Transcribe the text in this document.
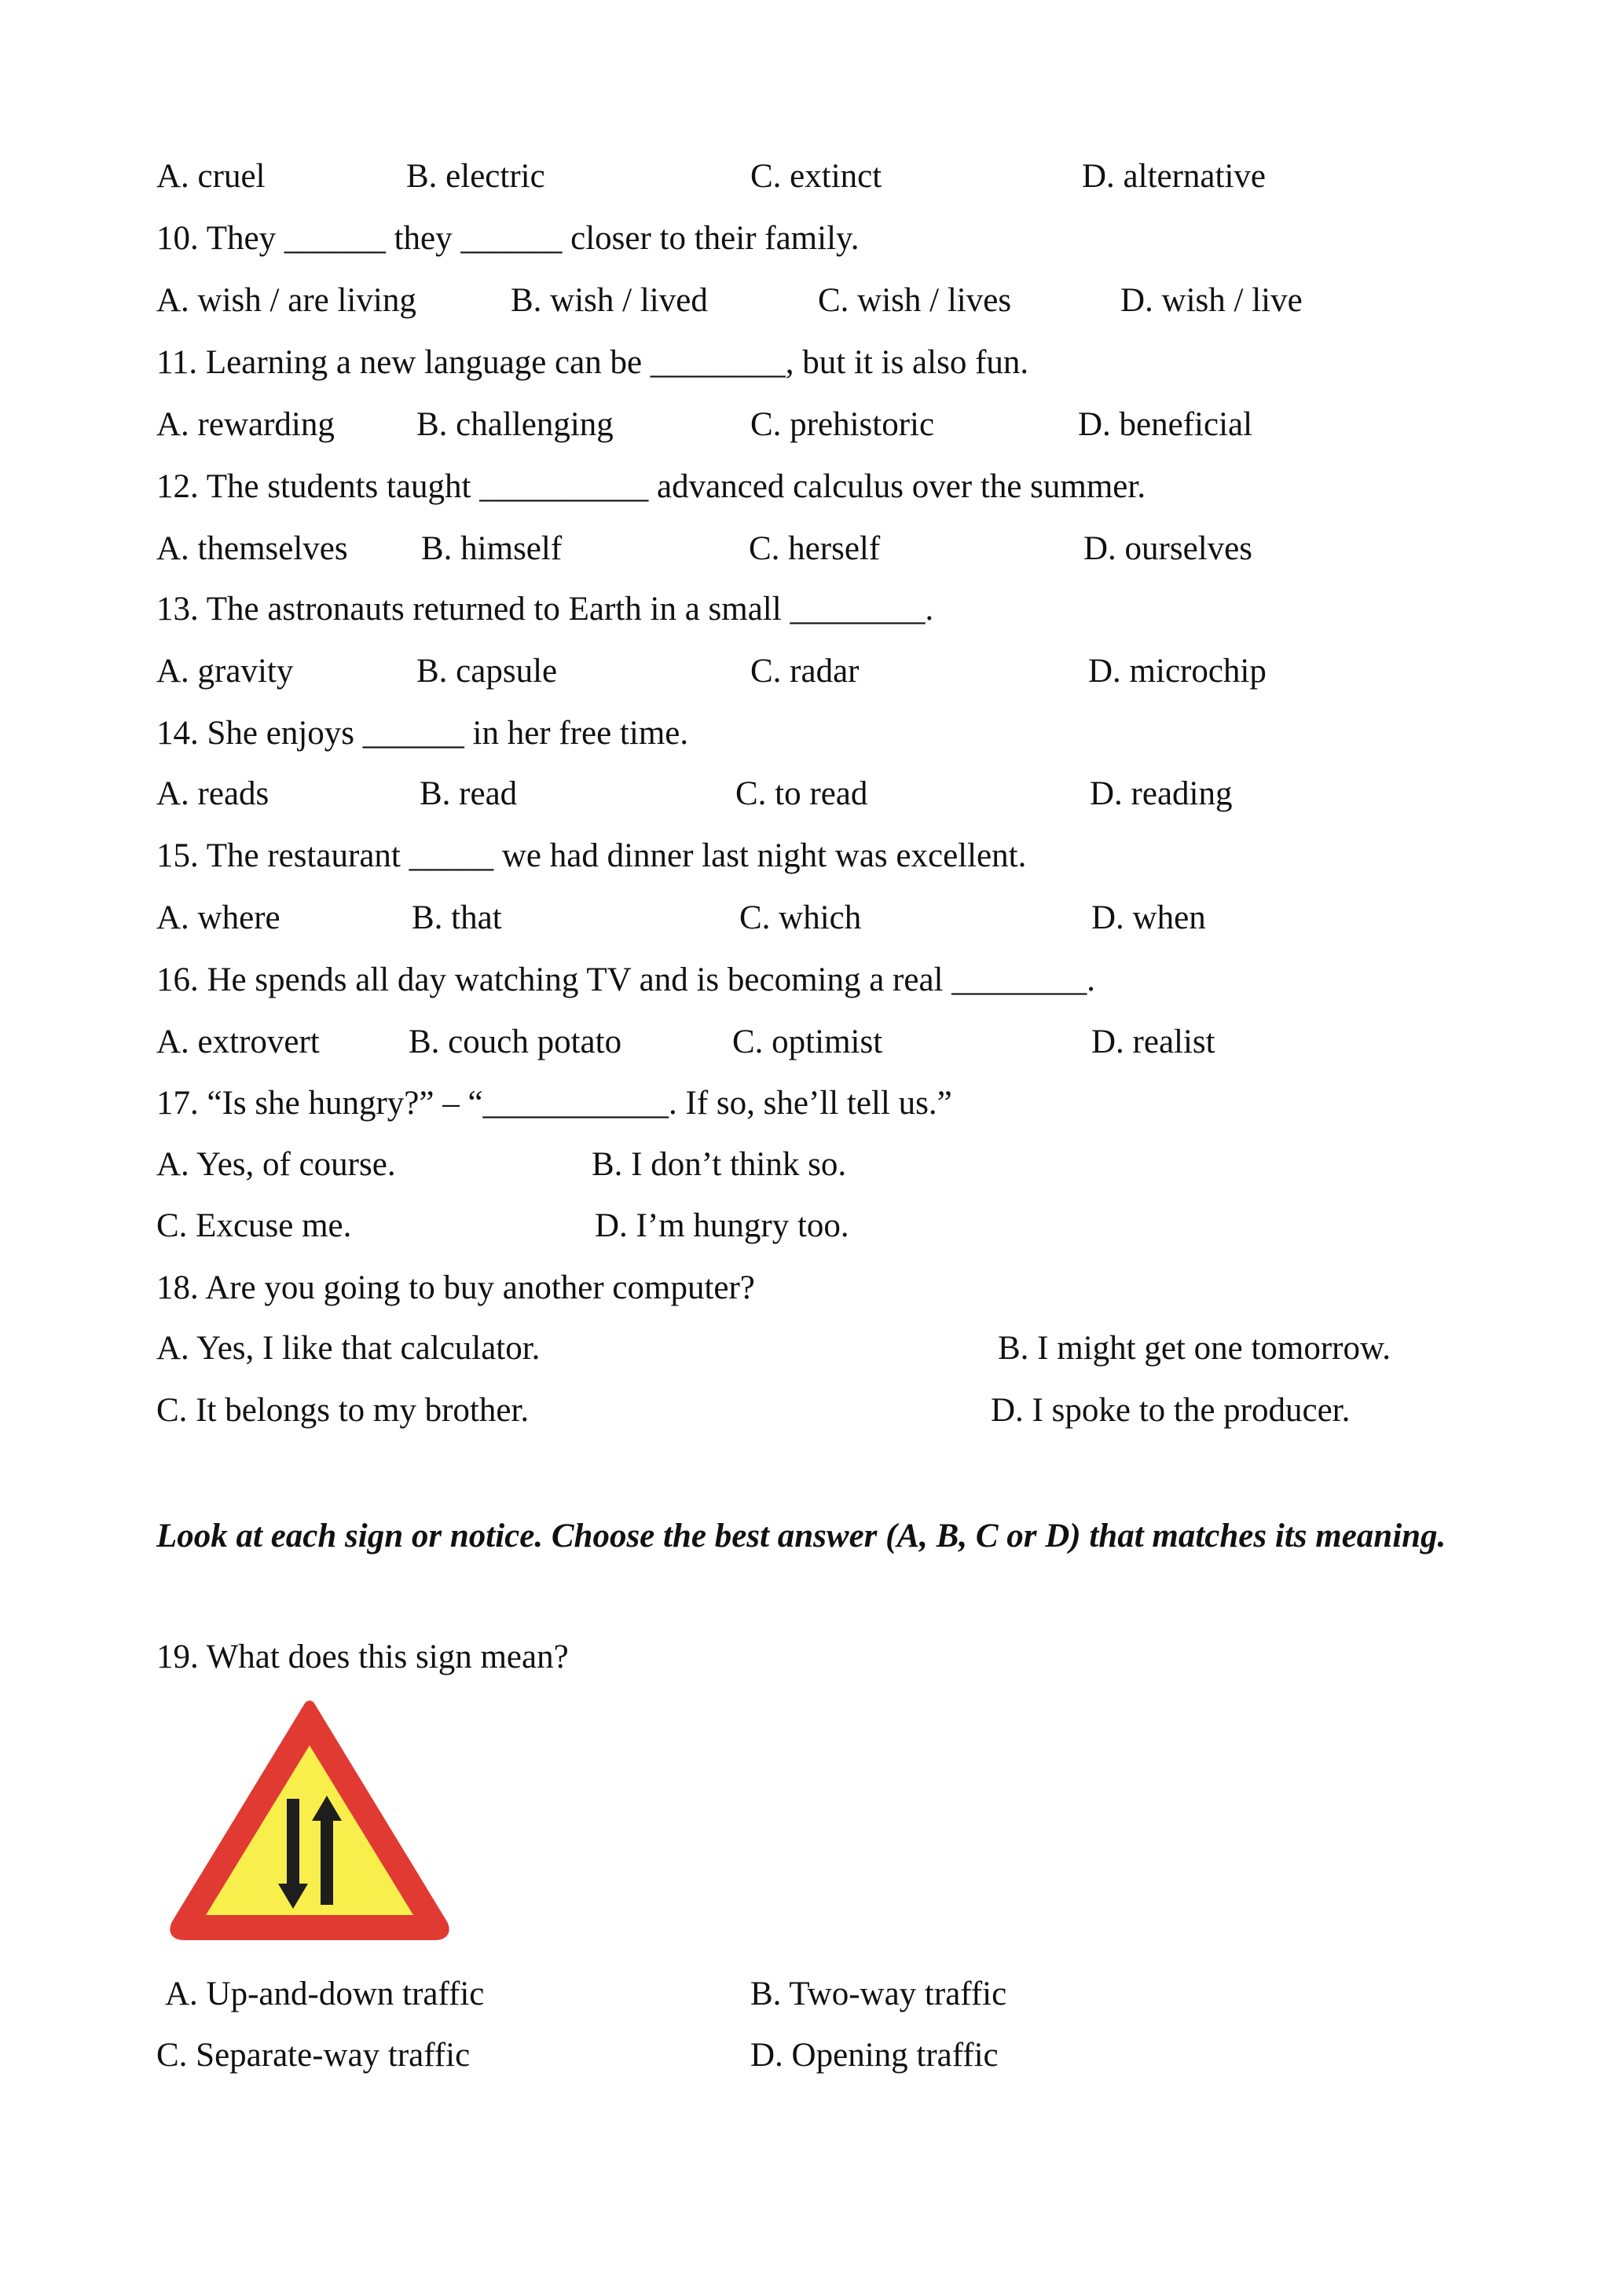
Look at each sign or notice. Choose the best answer (A, B, C or D) that matches its meaning.
A. cruel	B. electric	C. extinct	D. alternative
10. They ______ they ______ closer to their family.
A. wish / are living	B. wish / lived	C. wish / lives	D. wish / live
11. Learning a new language can be ________, but it is also fun.
A. rewarding B. challenging	C. prehistoric	D. beneficial
12. The students taught __________ advanced calculus over the summer.
A. themselves B. himself	C. herself	D. ourselves
13. The astronauts returned to Earth in a small ________.
A. gravity	B. capsule	C. radar	D. microchip
14. She enjoys ______ in her free time.
A. reads	B. read	C. to read	D. reading
15. The restaurant _____ we had dinner last night was excellent.
A. where	B. that	C. which	D. when
16. He spends all day watching TV and is becoming a real ________.
A. extrovert	B. couch potato	C. optimist	D. realist
17. “Is she hungry?” – “___________. If so, she’ll tell us.”
A. Yes, of course.	B. I don’t think so.
C. Excuse me.	D. I’m hungry too.
18. Are you going to buy another computer?
A. Yes, I like that calculator.	B. I might get one tomorrow.
C. It belongs to my brother.	D. I spoke to the producer.
19. What does this sign mean?
A. Up-and-down traffic	B. Two-way traffic
C. Separate-way traffic	D. Opening traffic
